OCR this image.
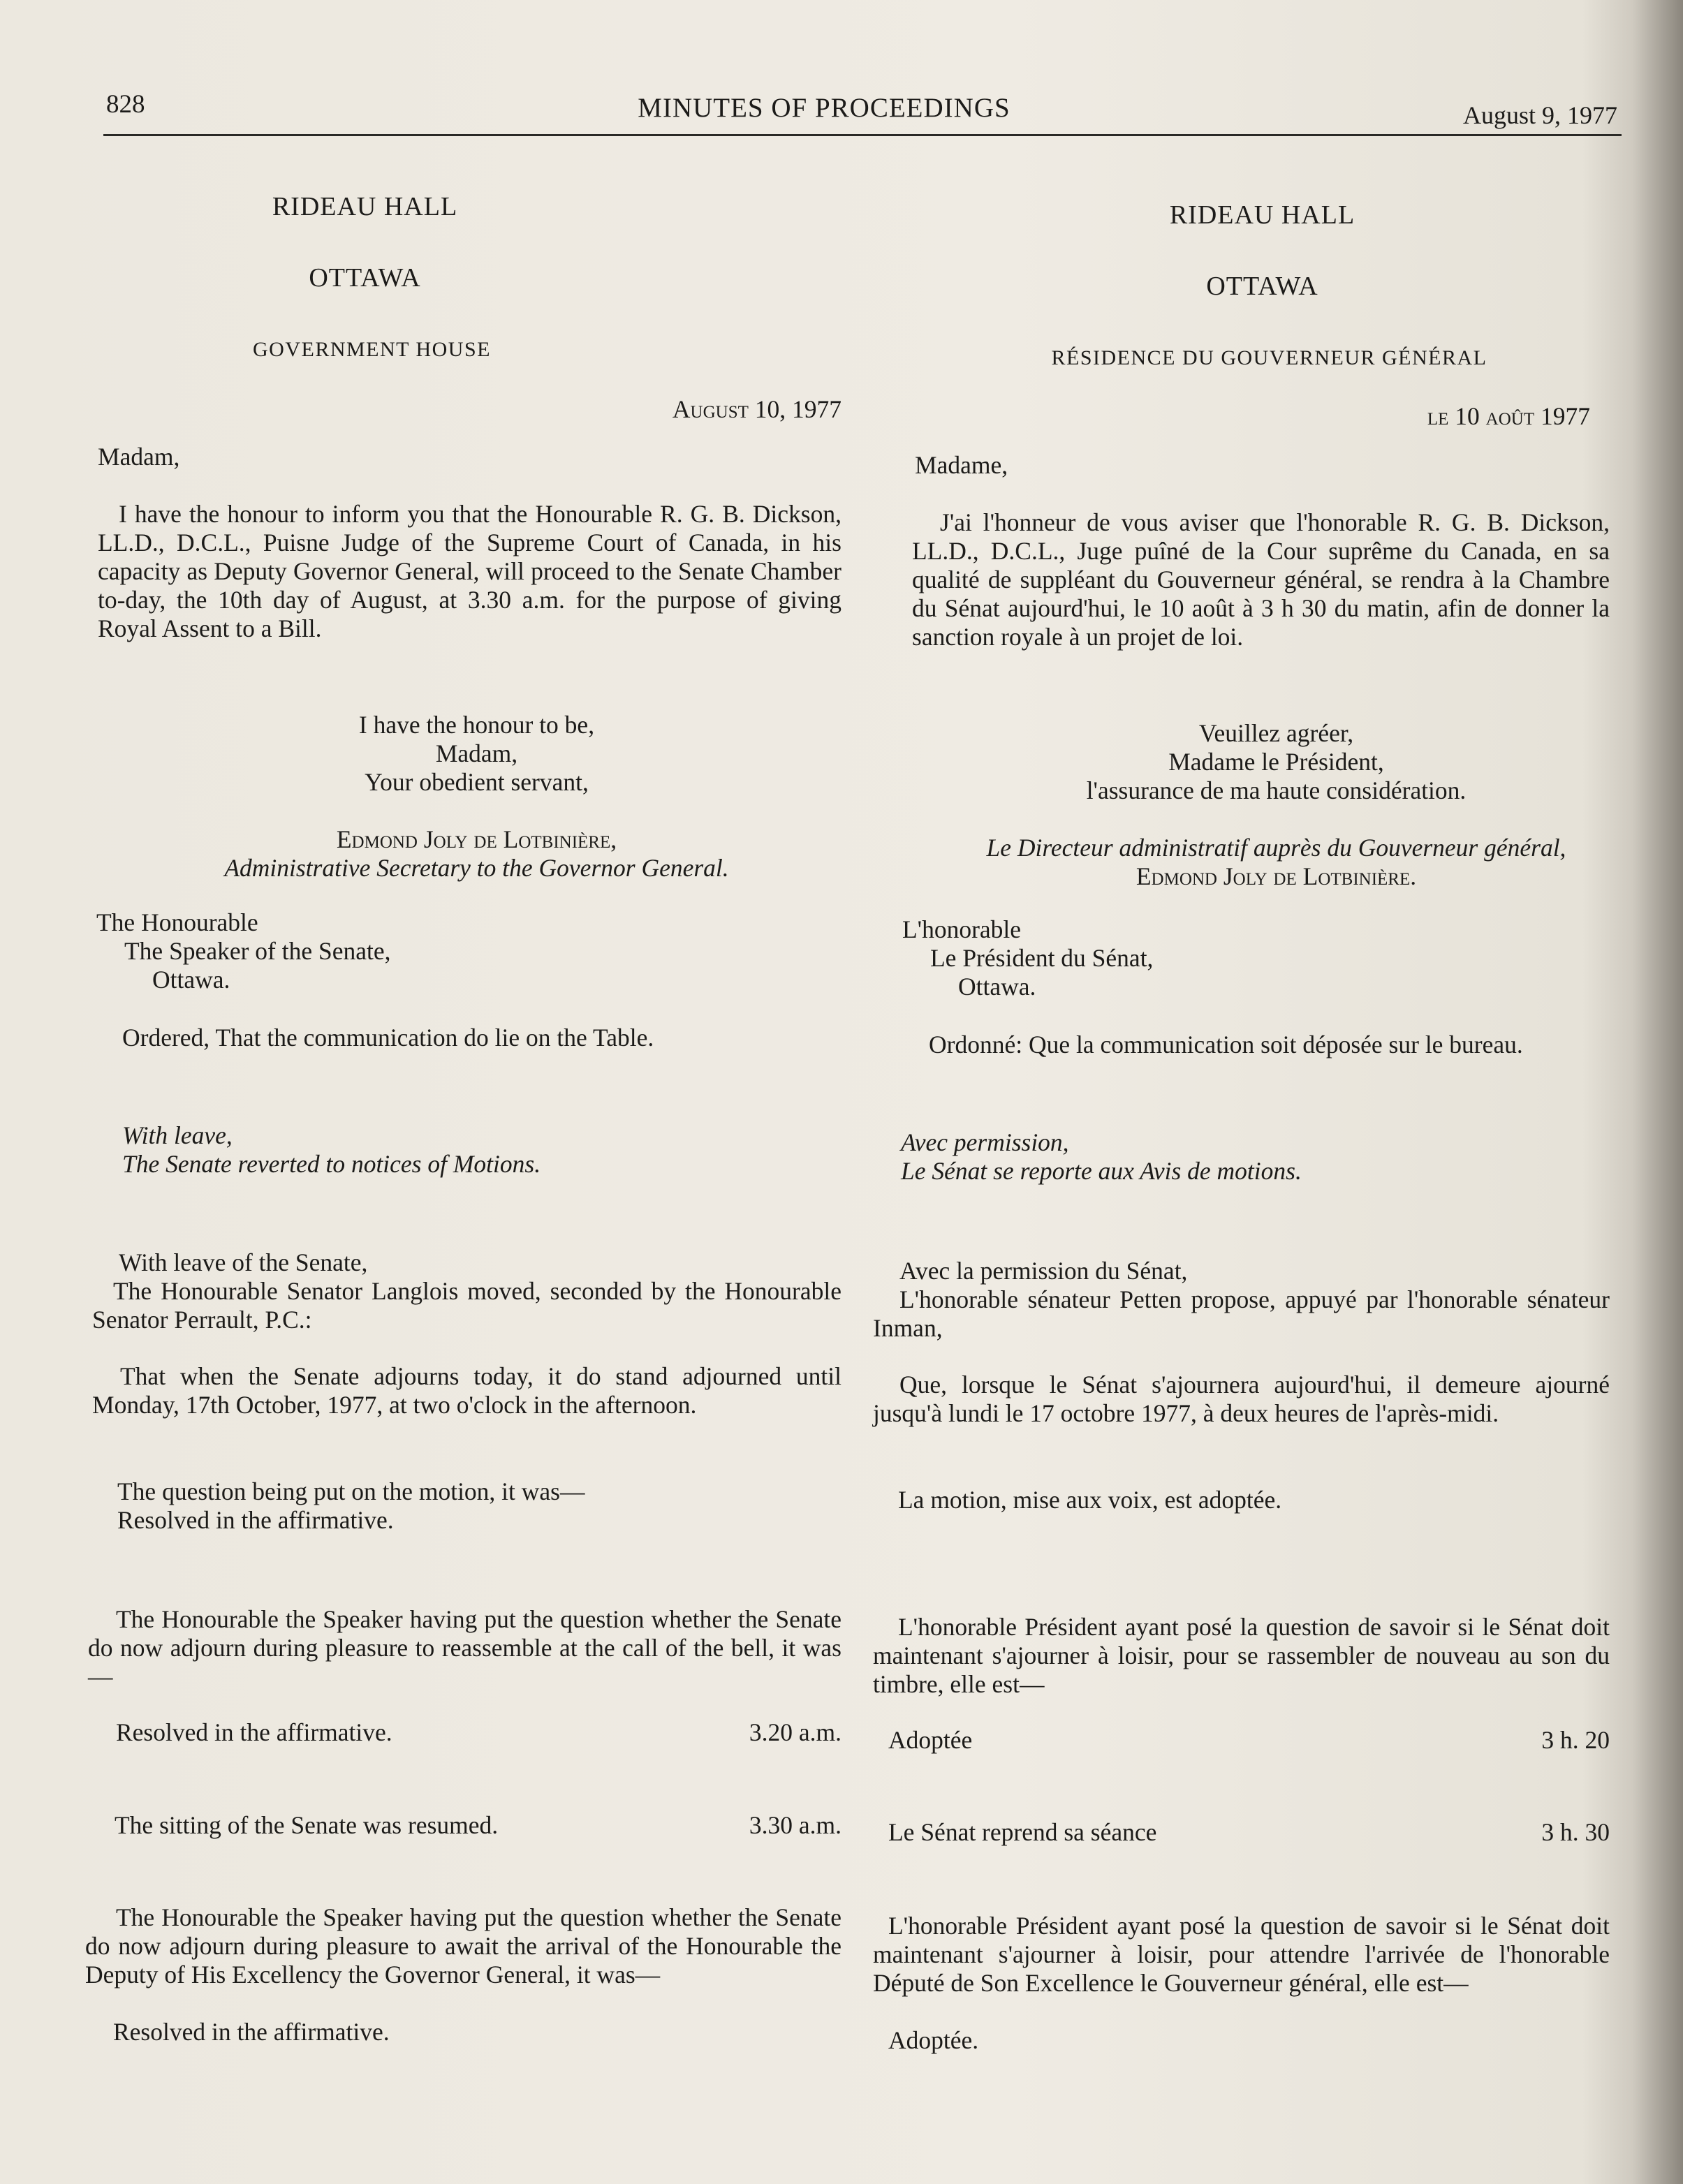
828	MINUTES OF PROCEEDINGS	August 9, 1977
RIDEAU HALL
OTTAWA
GOVERNMENT HOUSE
August 10, 1977
Madam,

I have the honour to inform you that the Honourable R. G. B. Dickson, LL.D., D.C.L., Puisne Judge of the Supreme Court of Canada, in his capacity as Deputy Governor General, will proceed to the Senate Chamber to-day, the 10th day of August, at 3.30 a.m. for the purpose of giving Royal Assent to a Bill.

I have the honour to be,
Madam,
Your obedient servant,
Edmond Joly de Lotbinière,
Administrative Secretary to the Governor General.
The Honourable
The Speaker of the Senate,
Ottawa.
Ordered, That the communication do lie on the Table.
With leave,
The Senate reverted to notices of Motions.
With leave of the Senate,

The Honourable Senator Langlois moved, seconded by the Honourable Senator Perrault, P.C.:

That when the Senate adjourns today, it do stand adjourned until Monday, 17th October, 1977, at two o'clock in the afternoon.

The question being put on the motion, it was—
Resolved in the affirmative.

The Honourable the Speaker having put the question whether the Senate do now adjourn during pleasure to reassemble at the call of the bell, it was—

Resolved in the affirmative.	3.20 a.m.
The sitting of the Senate was resumed.	3.30 a.m.

The Honourable the Speaker having put the question whether the Senate do now adjourn during pleasure to await the arrival of the Honourable the Deputy of His Excellency the Governor General, it was—

Resolved in the affirmative.
RIDEAU HALL
OTTAWA
RÉSIDENCE DU GOUVERNEUR GÉNÉRAL
le 10 août 1977
Madame,

J'ai l'honneur de vous aviser que l'honorable R. G. B. Dickson, LL.D., D.C.L., Juge puîné de la Cour suprême du Canada, en sa qualité de suppléant du Gouverneur général, se rendra à la Chambre du Sénat aujourd'hui, le 10 août à 3 h 30 du matin, afin de donner la sanction royale à un projet de loi.

Veuillez agréer,
Madame le Président,
l'assurance de ma haute considération.
Le Directeur administratif auprès du Gouverneur général,
Edmond Joly de Lotbinière.
L'honorable
Le Président du Sénat,
Ottawa.
Ordonné: Que la communication soit déposée sur le bureau.
Avec permission,
Le Sénat se reporte aux Avis de motions.
Avec la permission du Sénat,

L'honorable sénateur Petten propose, appuyé par l'honorable sénateur Inman,

Que, lorsque le Sénat s'ajournera aujourd'hui, il demeure ajourné jusqu'à lundi le 17 octobre 1977, à deux heures de l'après-midi.

La motion, mise aux voix, est adoptée.

L'honorable Président ayant posé la question de savoir si le Sénat doit maintenant s'ajourner à loisir, pour se rassembler de nouveau au son du timbre, elle est—

Adoptée	3 h. 20
Le Sénat reprend sa séance	3 h. 30

L'honorable Président ayant posé la question de savoir si le Sénat doit maintenant s'ajourner à loisir, pour attendre l'arrivée de l'honorable Député de Son Excellence le Gouverneur général, elle est—

Adoptée.
